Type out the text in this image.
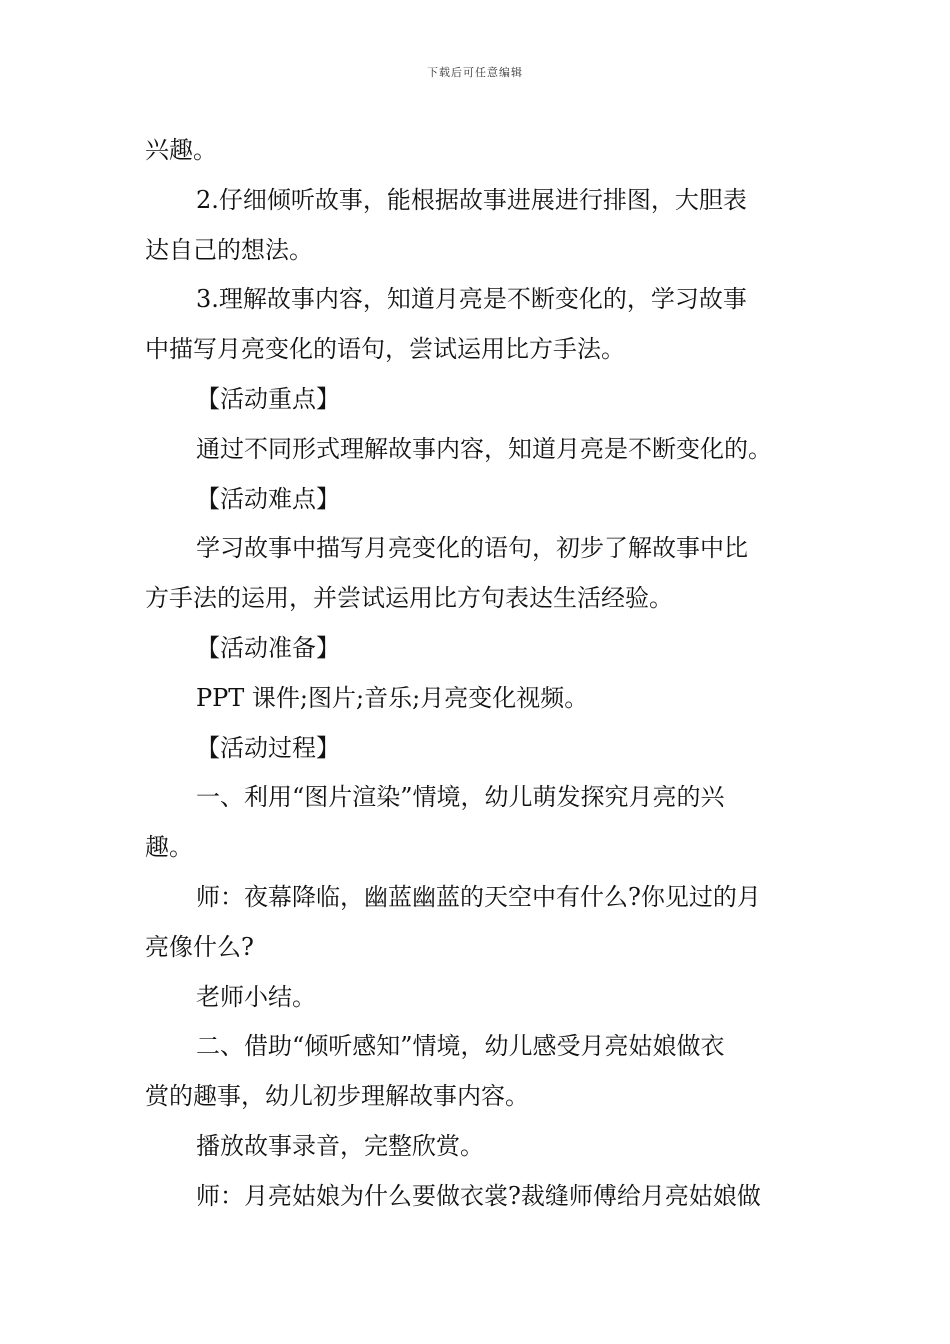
下载后可任意编辑

兴趣。

2.仔细倾听故事，能根据故事进展进行排图，大胆表

达自己的想法。

3.理解故事内容，知道月亮是不断变化的，学习故事

中描写月亮变化的语句，尝试运用比方手法。

【活动重点】

通过不同形式理解故事内容，知道月亮是不断变化的。

【活动难点】

学习故事中描写月亮变化的语句，初步了解故事中比

方手法的运用，并尝试运用比方句表达生活经验。

【活动准备】

PPT 课件;图片;音乐;月亮变化视频。

【活动过程】

一、利用“图片渲染”情境，幼儿萌发探究月亮的兴

趣。

师：夜幕降临，幽蓝幽蓝的天空中有什么?你见过的月

亮像什么?

老师小结。

二、借助“倾听感知”情境，幼儿感受月亮姑娘做衣

赏的趣事，幼儿初步理解故事内容。

播放故事录音，完整欣赏。

师：月亮姑娘为什么要做衣裳?裁缝师傅给月亮姑娘做
